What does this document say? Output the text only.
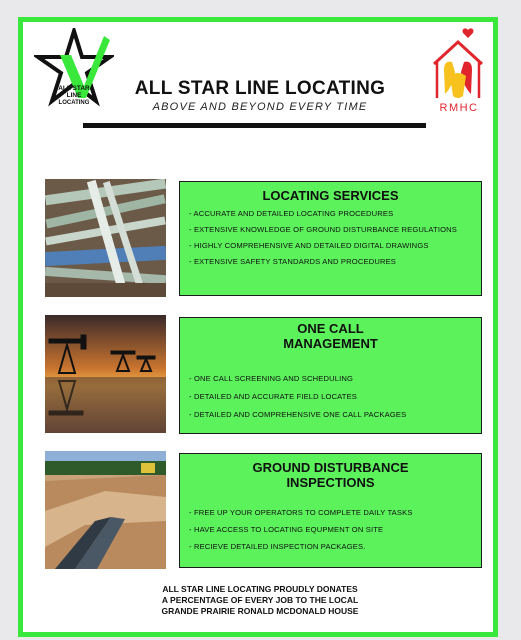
ALL STAR
LINE
LOCATING	RMHC
ALL STAR LINE LOCATING
ABOVE AND BEYOND EVERY TIME
LOCATING SERVICES
- ACCURATE AND DETAILED LOCATING PROCEDURES
- EXTENSIVE KNOWLEDGE OF GROUND DISTURBANCE REGULATIONS
- HIGHLY COMPREHENSIVE AND DETAILED DIGITAL DRAWINGS
- EXTENSIVE SAFETY STANDARDS AND PROCEDURES
ONE CALL
MANAGEMENT
- ONE CALL SCREENING AND SCHEDULING
- DETAILED AND ACCURATE FIELD LOCATES
- DETAILED AND COMPREHENSIVE ONE CALL PACKAGES
GROUND DISTURBANCE
INSPECTIONS
- FREE UP YOUR OPERATORS TO COMPLETE DAILY TASKS
- HAVE ACCESS TO LOCATING EQUPMENT ON SITE
- RECIEVE DETAILED INSPECTION PACKAGES.
ALL STAR LINE LOCATING PROUDLY DONATES
A PERCENTAGE OF EVERY JOB TO THE LOCAL
GRANDE PRAIRIE RONALD MCDONALD HOUSE
